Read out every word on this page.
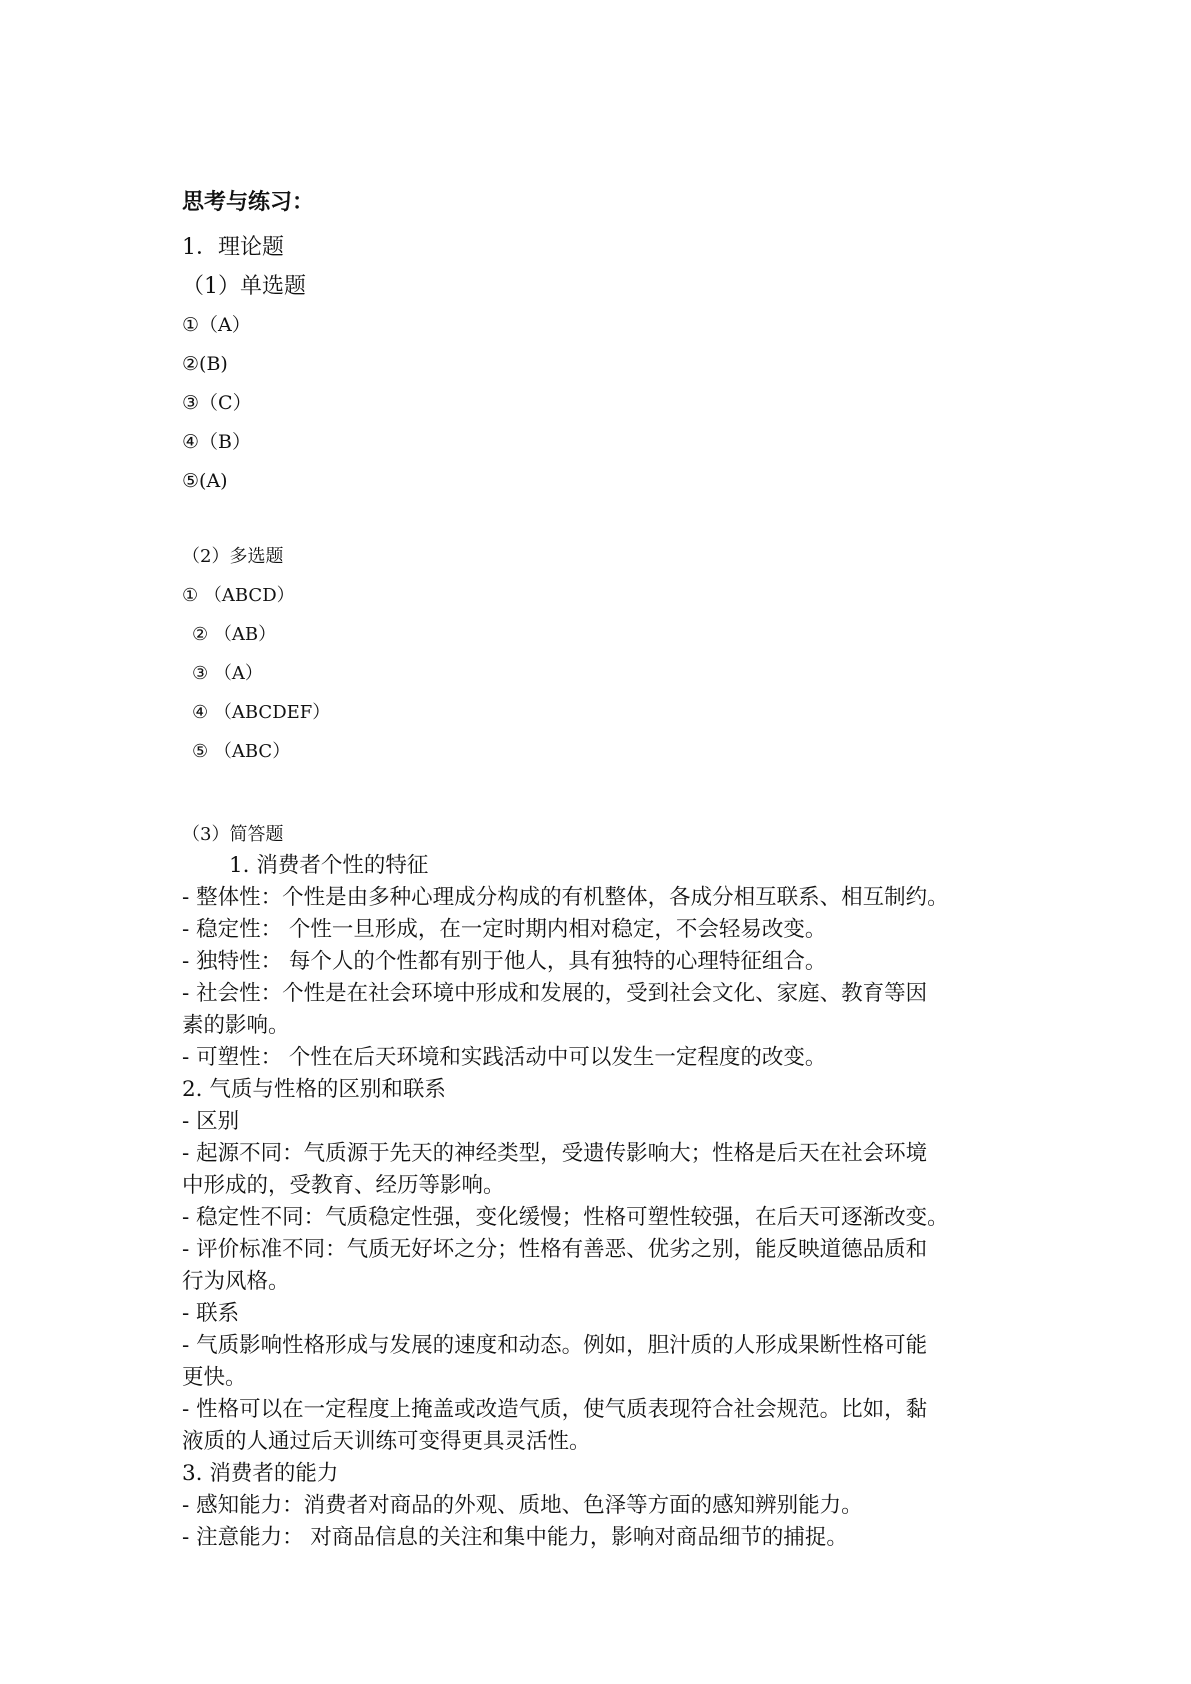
思考与练习：
1．理论题
（1）单选题
①（A）
②(B)
③（C）
④（B）
⑤(A)
（2）多选题
① （ABCD）
② （AB）
③ （A）
④ （ABCDEF）
⑤ （ABC）
（3）简答题
1. 消费者个性的特征
- 整体性：个性是由多种心理成分构成的有机整体，各成分相互联系、相互制约。
- 稳定性： 个性一旦形成，在一定时期内相对稳定，不会轻易改变。
- 独特性： 每个人的个性都有别于他人，具有独特的心理特征组合。
- 社会性：个性是在社会环境中形成和发展的，受到社会文化、家庭、教育等因
素的影响。
- 可塑性： 个性在后天环境和实践活动中可以发生一定程度的改变。
2. 气质与性格的区别和联系
- 区别
- 起源不同：气质源于先天的神经类型，受遗传影响大；性格是后天在社会环境
中形成的，受教育、经历等影响。
- 稳定性不同：气质稳定性强，变化缓慢；性格可塑性较强，在后天可逐渐改变。
- 评价标准不同：气质无好坏之分；性格有善恶、优劣之别，能反映道德品质和
行为风格。
- 联系
- 气质影响性格形成与发展的速度和动态。例如，胆汁质的人形成果断性格可能
更快。
- 性格可以在一定程度上掩盖或改造气质，使气质表现符合社会规范。比如，黏
液质的人通过后天训练可变得更具灵活性。
3. 消费者的能力
- 感知能力：消费者对商品的外观、质地、色泽等方面的感知辨别能力。
- 注意能力： 对商品信息的关注和集中能力，影响对商品细节的捕捉。
